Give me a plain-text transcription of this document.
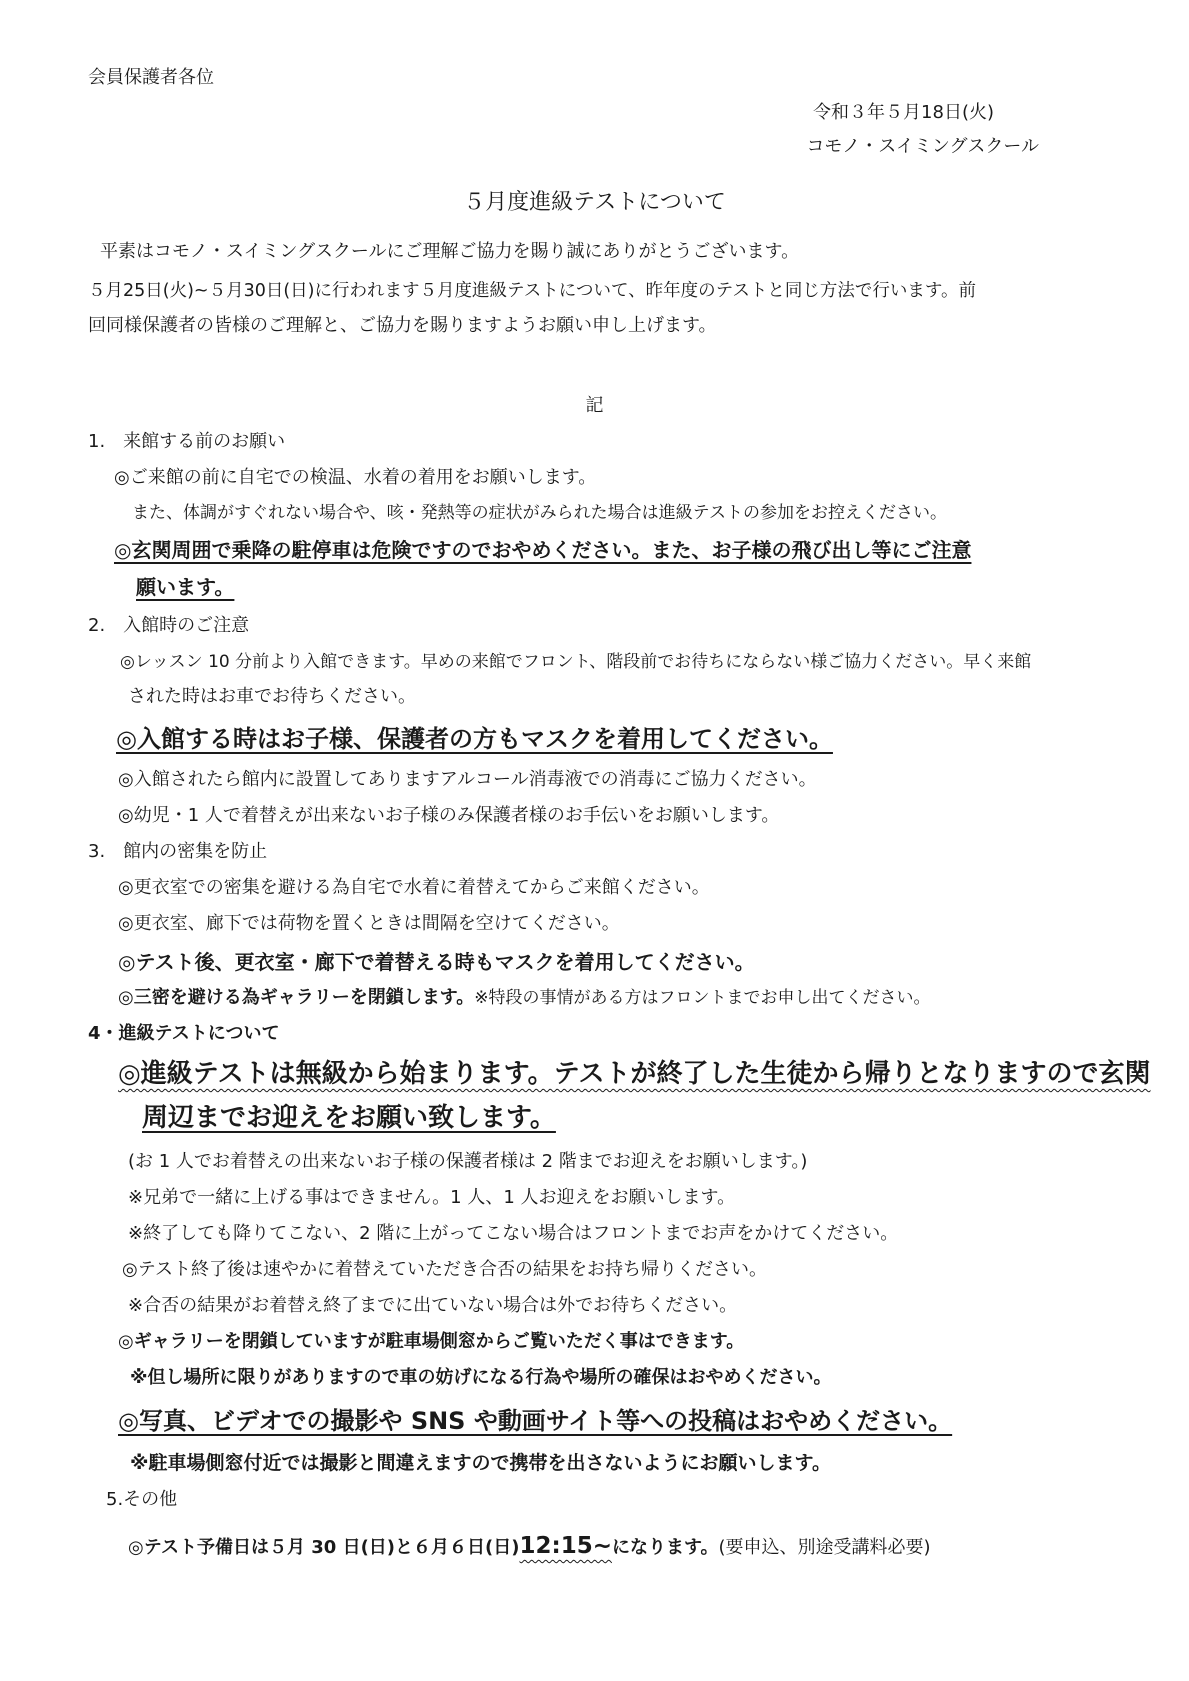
会員保護者各位
令和３年５月18日(火)
コモノ・スイミングスクール
５月度進級テストについて
平素はコモノ・スイミングスクールにご理解ご協力を賜り誠にありがとうございます。
５月25日(火)~５月30日(日)に行われます５月度進級テストについて、昨年度のテストと同じ方法で行います。前
回同様保護者の皆様のご理解と、ご協力を賜りますようお願い申し上げます。
記
1.　来館する前のお願い
◎ご来館の前に自宅での検温、水着の着用をお願いします。
また、体調がすぐれない場合や、咳・発熱等の症状がみられた場合は進級テストの参加をお控えください。
◎玄関周囲で乗降の駐停車は危険ですのでおやめください。また、お子様の飛び出し等にご注意
願います。
2.　入館時のご注意
◎レッスン 10 分前より入館できます。早めの来館でフロント、階段前でお待ちにならない様ご協力ください。早く来館
された時はお車でお待ちください。
◎入館する時はお子様、保護者の方もマスクを着用してください。
◎入館されたら館内に設置してありますアルコール消毒液での消毒にご協力ください。
◎幼児・1 人で着替えが出来ないお子様のみ保護者様のお手伝いをお願いします。
3.　館内の密集を防止
◎更衣室での密集を避ける為自宅で水着に着替えてからご来館ください。
◎更衣室、廊下では荷物を置くときは間隔を空けてください。
◎テスト後、更衣室・廊下で着替える時もマスクを着用してください。
◎三密を避ける為ギャラリーを閉鎖します。※特段の事情がある方はフロントまでお申し出てください。
4・進級テストについて
◎進級テストは無級から始まります。テストが終了した生徒から帰りとなりますので玄関
周辺までお迎えをお願い致します。
(お 1 人でお着替えの出来ないお子様の保護者様は 2 階までお迎えをお願いします。)
※兄弟で一緒に上げる事はできません。1 人、1 人お迎えをお願いします。
※終了しても降りてこない、2 階に上がってこない場合はフロントまでお声をかけてください。
◎テスト終了後は速やかに着替えていただき合否の結果をお持ち帰りください。
※合否の結果がお着替え終了までに出ていない場合は外でお待ちください。
◎ギャラリーを閉鎖していますが駐車場側窓からご覧いただく事はできます。
※但し場所に限りがありますので車の妨げになる行為や場所の確保はおやめください。
◎写真、ビデオでの撮影や SNS や動画サイト等への投稿はおやめください。
※駐車場側窓付近では撮影と間違えますので携帯を出さないようにお願いします。
5.その他
◎テスト予備日は５月 30 日(日)と６月６日(日)12:15~になります。(要申込、別途受講料必要)
